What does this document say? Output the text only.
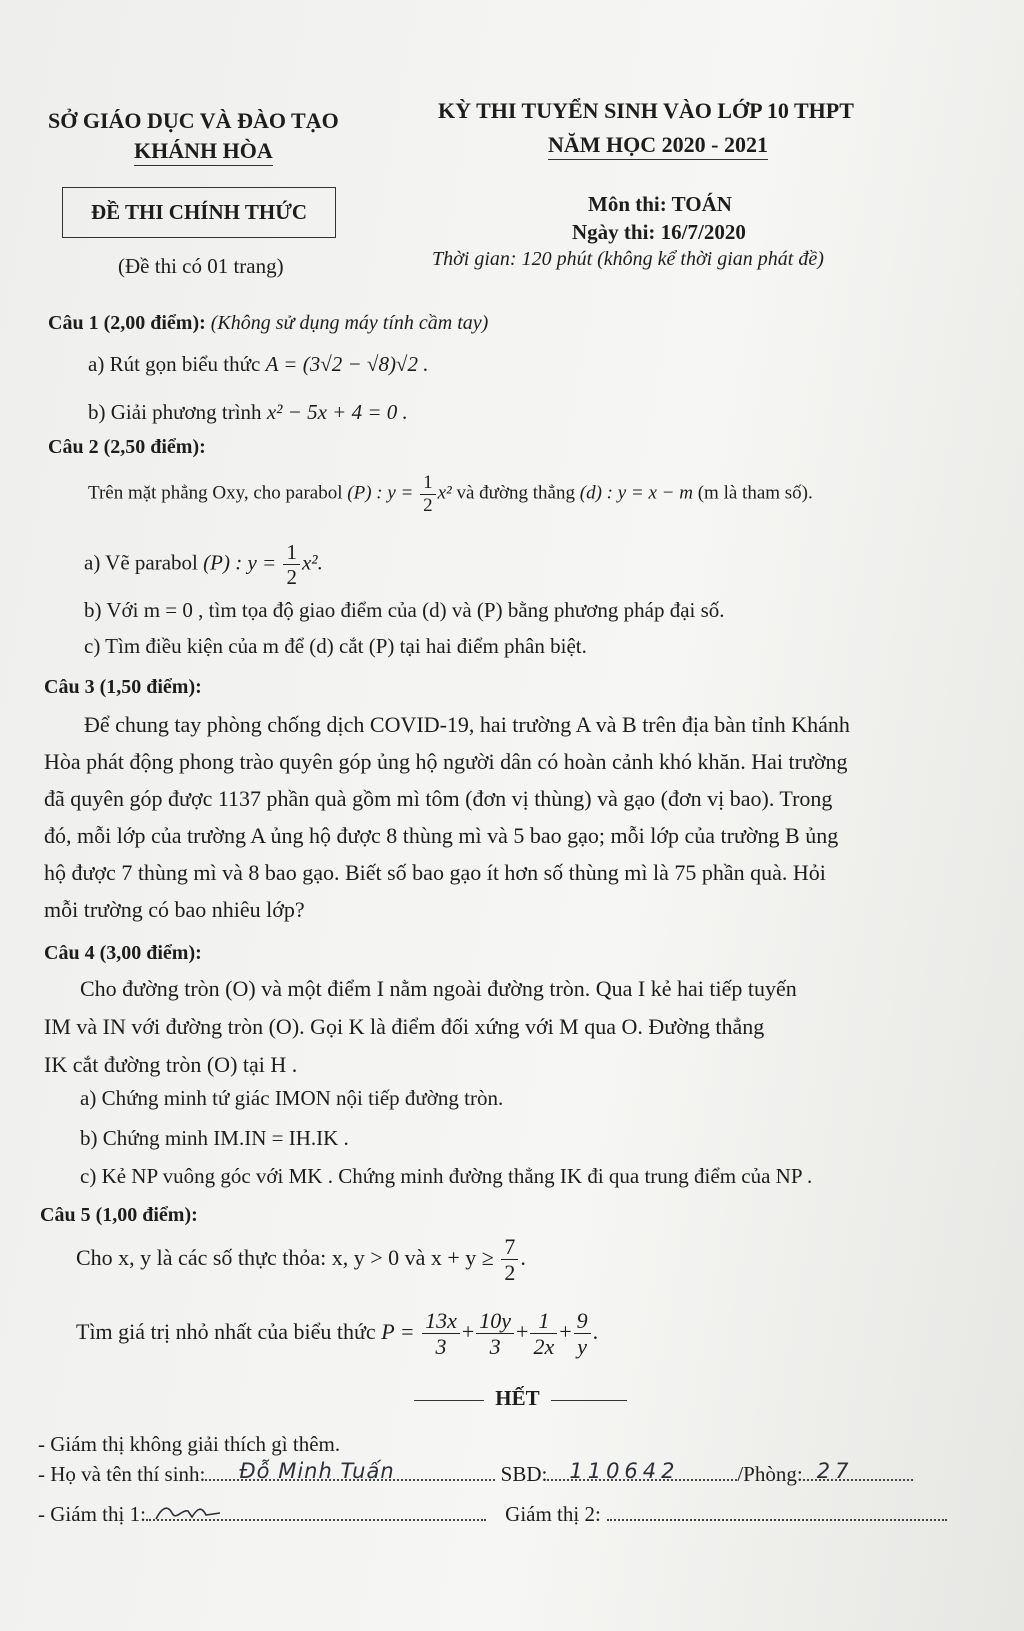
SỞ GIÁO DỤC VÀ ĐÀO TẠO
KHÁNH HÒA
KỲ THI TUYỂN SINH VÀO LỚP 10 THPT
NĂM HỌC 2020 - 2021
ĐỀ THI CHÍNH THỨC
(Đề thi có 01 trang)
Môn thi: TOÁN
Ngày thi: 16/7/2020
Thời gian: 120 phút (không kể thời gian phát đề)
Câu 1 (2,00 điểm): (Không sử dụng máy tính cầm tay)
a) Rút gọn biểu thức A = (3√2 − √8)√2 .
b) Giải phương trình x² − 5x + 4 = 0 .
Câu 2 (2,50 điểm):
Trên mặt phẳng Oxy, cho parabol (P) : $y = \frac{1}{2} x^2$ và đường thẳng (d) : y = x − m (m là tham số).
a) Vẽ parabol (P) : $y = \frac{1}{2} x^2$.
b) Với m = 0 , tìm tọa độ giao điểm của (d) và (P) bằng phương pháp đại số.
c) Tìm điều kiện của m để (d) cắt (P) tại hai điểm phân biệt.
Câu 3 (1,50 điểm):
Để chung tay phòng chống dịch COVID-19, hai trường A và B trên địa bàn tỉnh Khánh
Hòa phát động phong trào quyên góp ủng hộ người dân có hoàn cảnh khó khăn. Hai trường
đã quyên góp được 1137 phần quà gồm mì tôm (đơn vị thùng) và gạo (đơn vị bao). Trong
đó, mỗi lớp của trường A ủng hộ được 8 thùng mì và 5 bao gạo; mỗi lớp của trường B ủng
hộ được 7 thùng mì và 8 bao gạo. Biết số bao gạo ít hơn số thùng mì là 75 phần quà. Hỏi
mỗi trường có bao nhiêu lớp?
Câu 4 (3,00 điểm):
Cho đường tròn (O) và một điểm I nằm ngoài đường tròn. Qua I kẻ hai tiếp tuyến
IM và IN với đường tròn (O). Gọi K là điểm đối xứng với M qua O. Đường thẳng
IK cắt đường tròn (O) tại H .
a) Chứng minh tứ giác IMON nội tiếp đường tròn.
b) Chứng minh IM.IN = IH.IK .
c) Kẻ NP vuông góc với MK . Chứng minh đường thẳng IK đi qua trung điểm của NP .
Câu 5 (1,00 điểm):
Cho x, y là các số thực thỏa: x, y > 0 và $x + y \ge \frac{7}{2}$ .
Tìm giá trị nhỏ nhất của biểu thức $P = \frac{13x}{3} + \frac{10y}{3} + \frac{1}{2x} + \frac{9}{y}$ .
HẾT
- Giám thị không giải thích gì thêm.
- Họ và tên thí sinh: Đỗ Minh Tuấn	SBD: 110642	/Phòng: 27
- Giám thị 1:	Giám thị 2:
